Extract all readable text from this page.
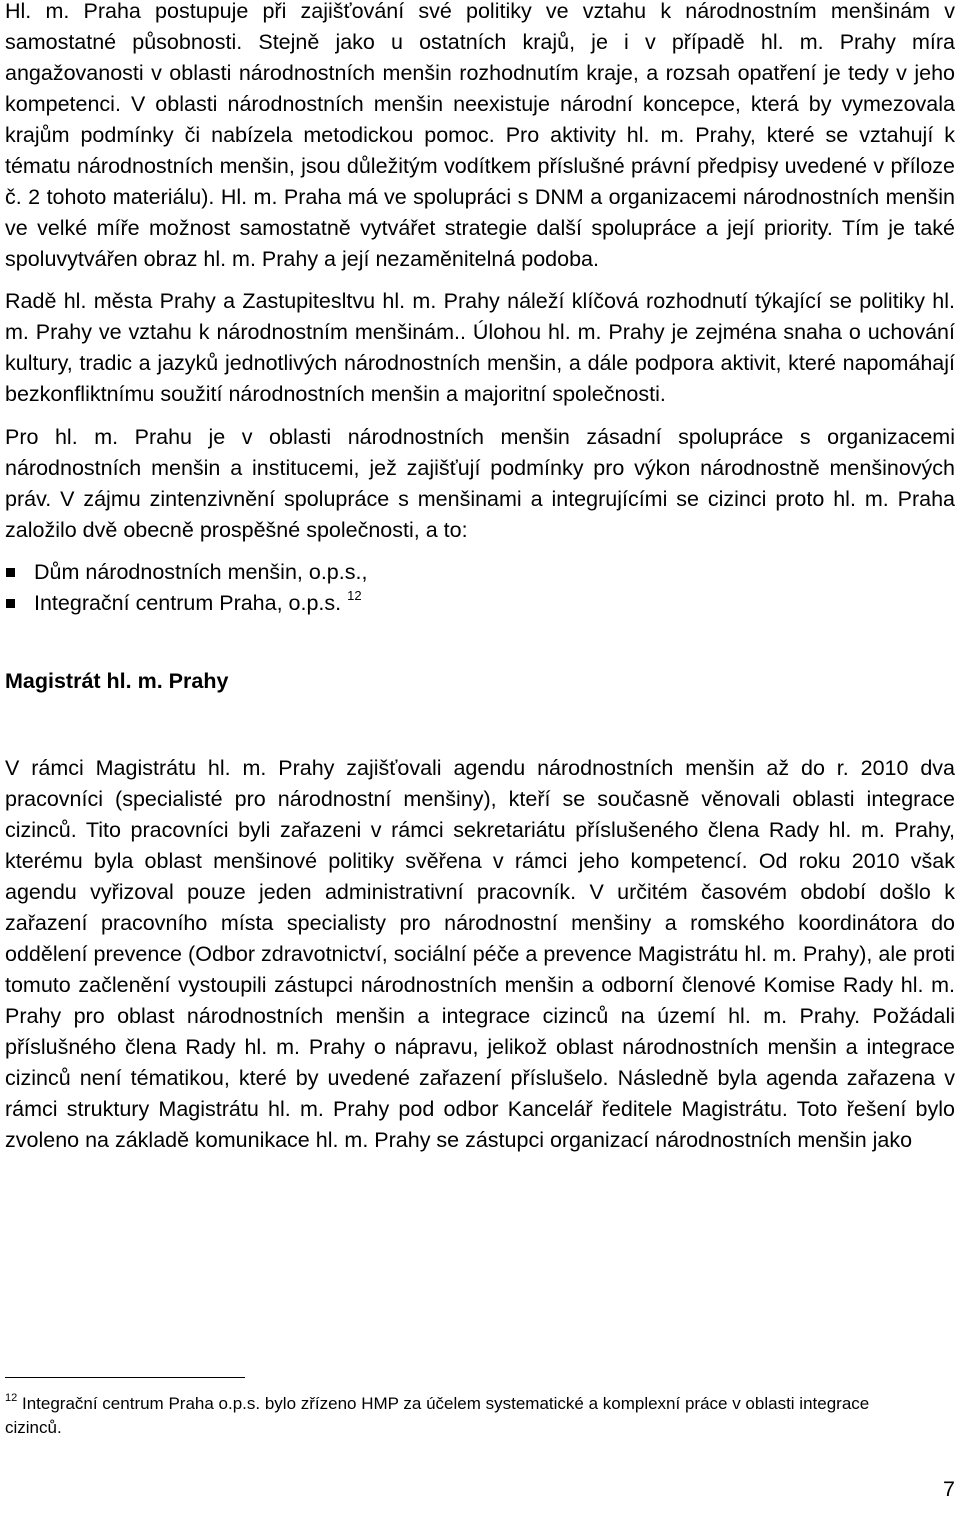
Hl. m. Praha postupuje při zajišťování své politiky ve vztahu k národnostním menšinám v samostatné působnosti. Stejně jako u ostatních krajů, je i v případě hl. m. Prahy míra angažovanosti v oblasti národnostních menšin rozhodnutím kraje, a rozsah opatření je tedy v jeho kompetenci. V oblasti národnostních menšin neexistuje národní koncepce, která by vymezovala krajům podmínky či nabízela metodickou pomoc. Pro aktivity hl. m. Prahy, které se vztahují k tématu národnostních menšin, jsou důležitým vodítkem příslušné právní předpisy uvedené v příloze č. 2 tohoto materiálu). Hl. m. Praha má ve spolupráci s DNM a organizacemi národnostních menšin ve velké míře možnost samostatně vytvářet strategie další spolupráce a její priority. Tím je také spoluvytvářen obraz hl. m. Prahy a její nezaměnitelná podoba.

Radě hl. města Prahy a Zastupitesltvu hl. m. Prahy náleží klíčová rozhodnutí týkající se politiky hl. m. Prahy ve vztahu k národnostním menšinám.. Úlohou hl. m. Prahy je zejména snaha o uchování kultury, tradic a jazyků jednotlivých národnostních menšin, a dále podpora aktivit, které napomáhají bezkonfliktnímu soužití národnostních menšin a majoritní společnosti.

Pro hl. m. Prahu je v oblasti národnostních menšin zásadní spolupráce s organizacemi národnostních menšin a institucemi, jež zajišťují podmínky pro výkon národnostně menšinových práv. V zájmu zintenzivnění spolupráce s menšinami a integrujícími se cizinci proto hl. m. Praha založilo dvě obecně prospěšné společnosti, a to:

Dům národnostních menšin, o.p.s.,
Integrační centrum Praha, o.p.s. $^{12}$

Magistrát hl. m. Prahy

V rámci Magistrátu hl. m. Prahy zajišťovali agendu národnostních menšin až do r. 2010 dva pracovníci (specialisté pro národnostní menšiny), kteří se současně věnovali oblasti integrace cizinců. Tito pracovníci byli zařazeni v rámci sekretariátu příslušeného člena Rady hl. m. Prahy, kterému byla oblast menšinové politiky svěřena v rámci jeho kompetencí. Od roku 2010 však agendu vyřizoval pouze jeden administrativní pracovník. V určitém časovém období došlo k zařazení pracovního místa specialisty pro národnostní menšiny a romského koordinátora do oddělení prevence (Odbor zdravotnictví, sociální péče a prevence Magistrátu hl. m. Prahy), ale proti tomuto začlenění vystoupili zástupci národnostních menšin a odborní členové Komise Rady hl. m. Prahy pro oblast národnostních menšin a integrace cizinců na území hl. m. Prahy. Požádali příslušného člena Rady hl. m. Prahy o nápravu, jelikož oblast národnostních menšin a integrace cizinců není tématikou, které by uvedené zařazení příslušelo. Následně byla agenda zařazena v rámci struktury Magistrátu hl. m. Prahy pod odbor Kancelář ředitele Magistrátu. Toto řešení bylo zvoleno na základě komunikace hl. m. Prahy se zástupci organizací národnostních menšin jako

$^{12}$ Integrační centrum Praha o.p.s. bylo zřízeno HMP za účelem systematické a komplexní práce v oblasti integrace cizinců.
7
